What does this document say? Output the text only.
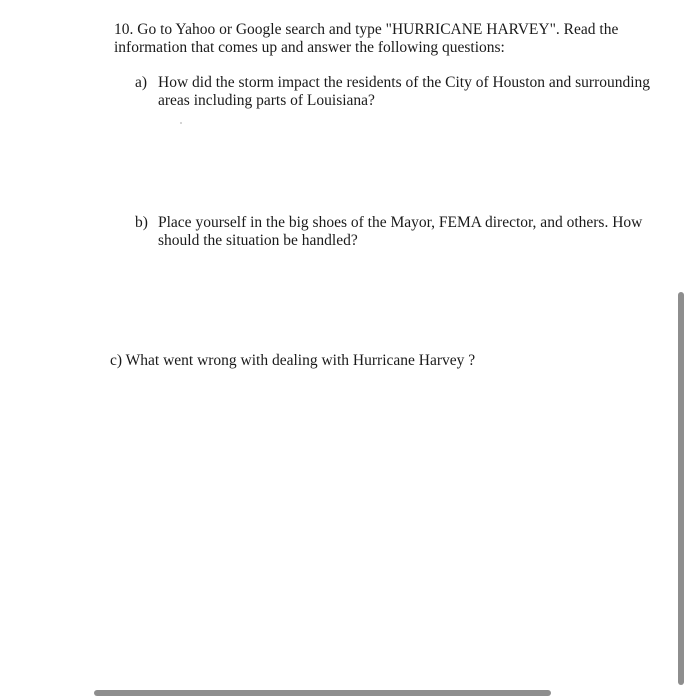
10. Go to Yahoo or Google search and type "HURRICANE HARVEY". Read the information that comes up and answer the following questions:
a) How did the storm impact the residents of the City of Houston and surrounding areas including parts of Louisiana?
b) Place yourself in the big shoes of the Mayor, FEMA director, and others. How should the situation be handled?
c) What went wrong with dealing with Hurricane Harvey ?
